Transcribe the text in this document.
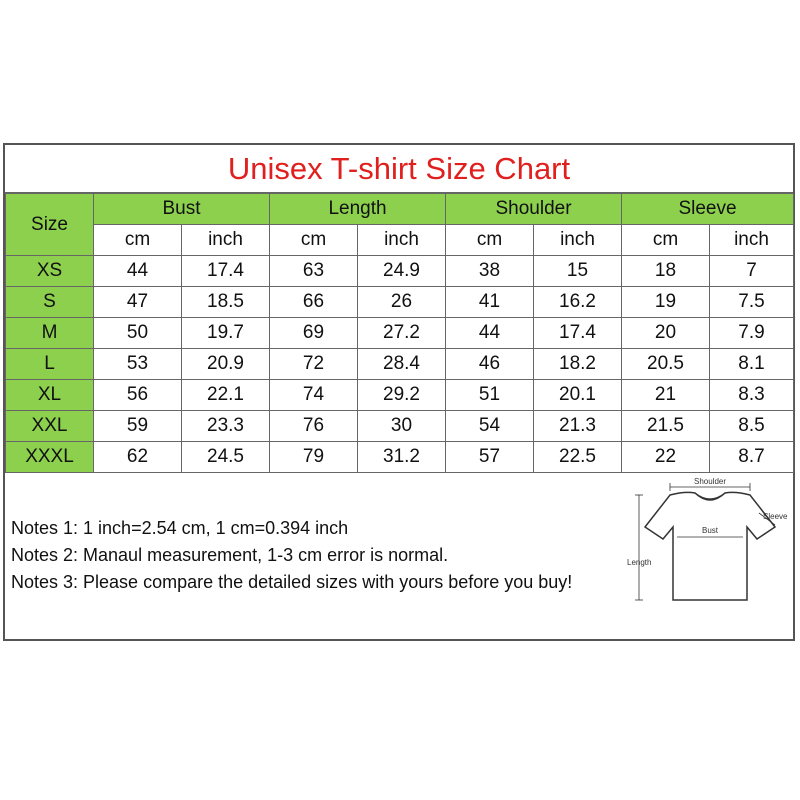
Unisex T-shirt Size Chart
Size	Bust		Length		Shoulder		Sleeve	
	cm	inch	cm	inch	cm	inch	cm	inch
XS	44	17.4	63	24.9	38	15	18	7
S	47	18.5	66	26	41	16.2	19	7.5
M	50	19.7	69	27.2	44	17.4	20	7.9
L	53	20.9	72	28.4	46	18.2	20.5	8.1
XL	56	22.1	74	29.2	51	20.1	21	8.3
XXL	59	23.3	76	30	54	21.3	21.5	8.5
XXXL	62	24.5	79	31.2	57	22.5	22	8.7
Notes 1: 1 inch=2.54 cm, 1 cm=0.394 inch
Notes 2: Manaul measurement, 1-3 cm error is normal.
Notes 3: Please compare the detailed sizes with yours before you buy!
Shoulder
Bust
Sleeve
Length
